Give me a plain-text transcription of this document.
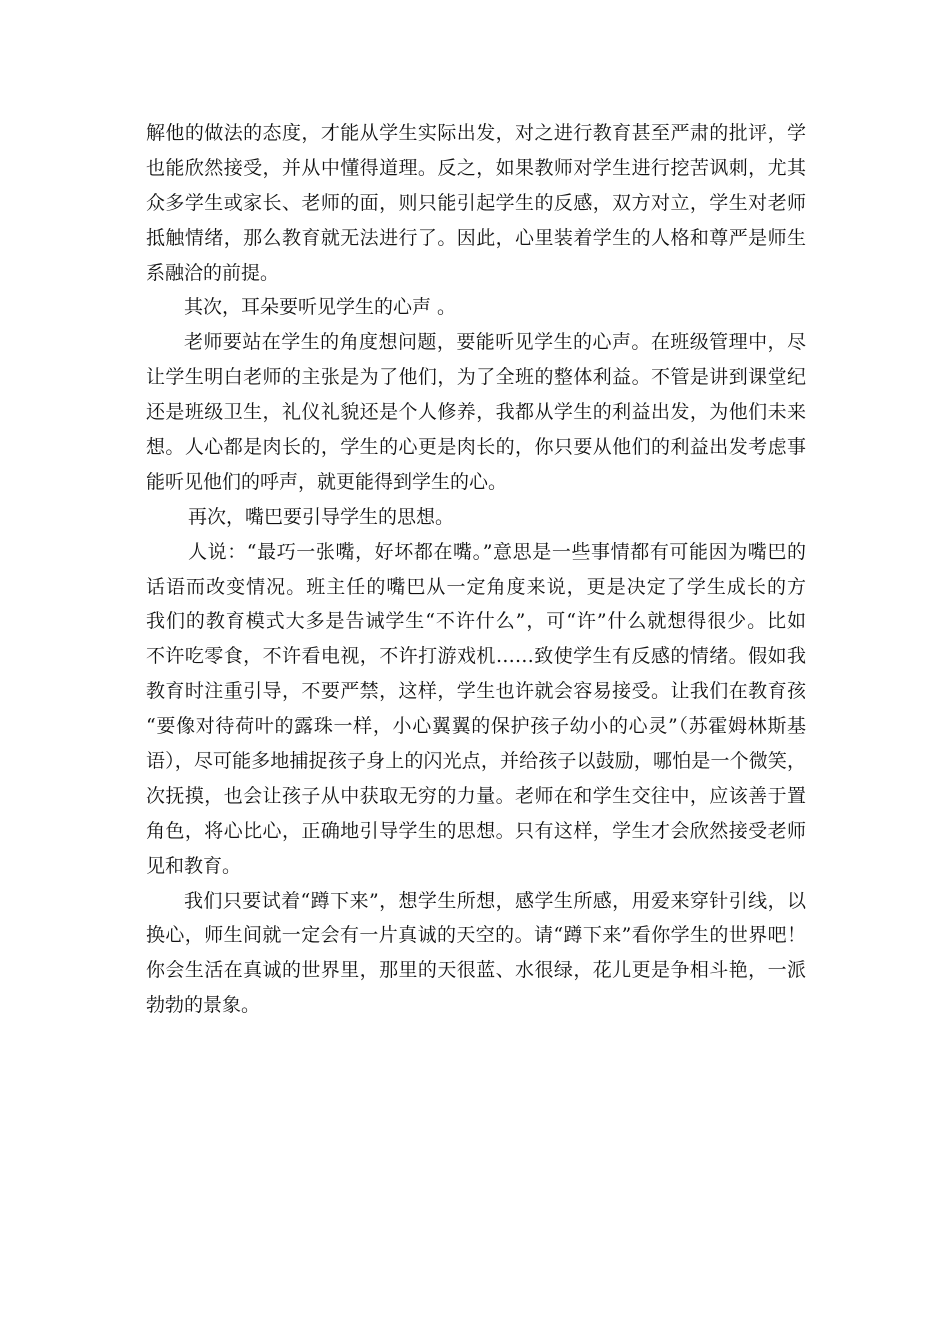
解他的做法的态度，才能从学生实际出发，对之进行教育甚至严肃的批评，学
也能欣然接受，并从中懂得道理。反之，如果教师对学生进行挖苦讽刺，尤其
众多学生或家长、老师的面，则只能引起学生的反感，双方对立，学生对老师
抵触情绪，那么教育就无法进行了。因此，心里装着学生的人格和尊严是师生
系融洽的前提。
其次，耳朵要听见学生的心声 。
老师要站在学生的角度想问题，要能听见学生的心声。在班级管理中，尽
让学生明白老师的主张是为了他们，为了全班的整体利益。不管是讲到课堂纪
还是班级卫生，礼仪礼貌还是个人修养，我都从学生的利益出发，为他们未来
想。人心都是肉长的，学生的心更是肉长的，你只要从他们的利益出发考虑事
能听见他们的呼声，就更能得到学生的心。
再次，嘴巴要引导学生的思想。
人说：“最巧一张嘴，好坏都在嘴。”意思是一些事情都有可能因为嘴巴的
话语而改变情况。班主任的嘴巴从一定角度来说，更是决定了学生成长的方
我们的教育模式大多是告诫学生“不许什么”，可“许”什么就想得很少。比如
不许吃零食，不许看电视，不许打游戏机……致使学生有反感的情绪。假如我
教育时注重引导，不要严禁，这样，学生也许就会容易接受。让我们在教育孩
“要像对待荷叶的露珠一样，小心翼翼的保护孩子幼小的心灵”（苏霍姆林斯基
语），尽可能多地捕捉孩子身上的闪光点，并给孩子以鼓励，哪怕是一个微笑，
次抚摸，也会让孩子从中获取无穷的力量。老师在和学生交往中，应该善于置
角色，将心比心，正确地引导学生的思想。只有这样，学生才会欣然接受老师
见和教育。
我们只要试着“蹲下来”，想学生所想，感学生所感，用爱来穿针引线，以
换心，师生间就一定会有一片真诚的天空的。请“蹲下来”看你学生的世界吧！
你会生活在真诚的世界里，那里的天很蓝、水很绿，花儿更是争相斗艳，一派
勃勃的景象。
